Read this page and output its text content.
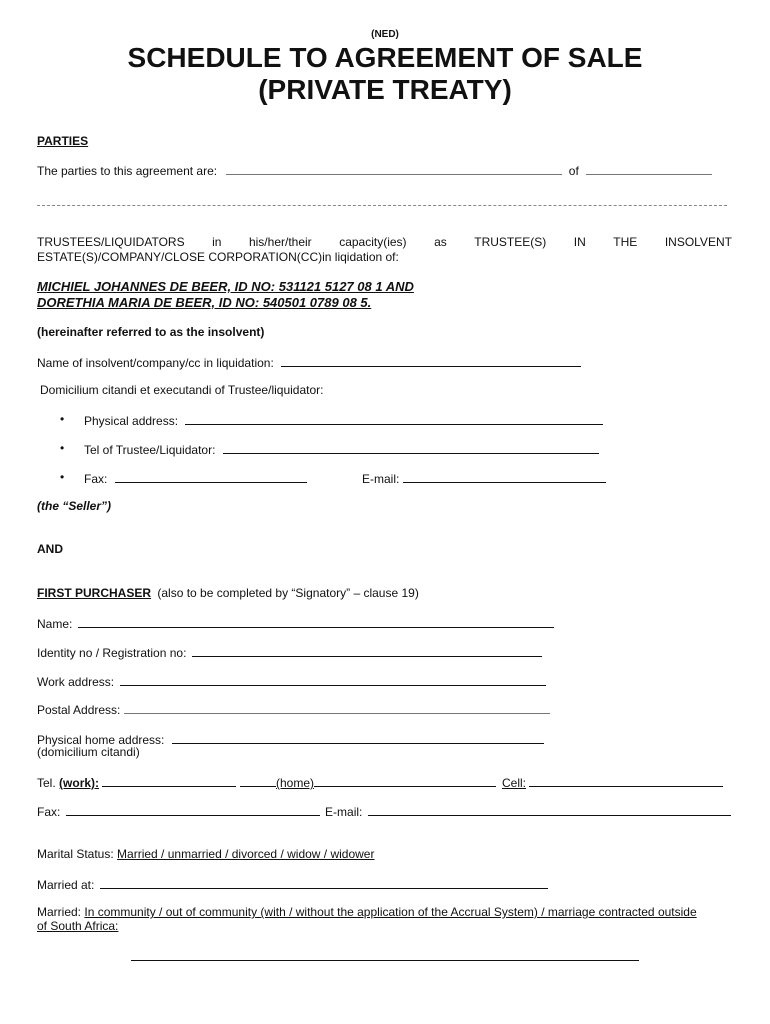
(NED)
SCHEDULE TO AGREEMENT OF SALE
(PRIVATE TREATY)
PARTIES
The parties to this agreement are:	of
TRUSTEES/LIQUIDATORS in his/her/their capacity(ies) as TRUSTEE(S) IN THE INSOLVENT
ESTATE(S)/COMPANY/CLOSE CORPORATION(CC)in liqidation of:
MICHIEL JOHANNES DE BEER, ID NO: 531121 5127 08 1 AND
DORETHIA MARIA DE BEER, ID NO: 540501 0789 08 5.
(hereinafter referred to as the insolvent)
Name of insolvent/company/cc in liquidation:
Domicilium citandi et executandi of Trustee/liquidator:
• Physical address:
• Tel of Trustee/Liquidator:
• Fax:	E-mail:
(the “Seller”)
AND
FIRST PURCHASER (also to be completed by “Signatory” – clause 19)
Name:
Identity no / Registration no:
Work address:
Postal Address:
Physical home address:
(domicilium citandi)
Tel. (work):	(home)	Cell:
Fax:	E-mail:
Marital Status: Married / unmarried / divorced / widow / widower
Married at:
Married: In community / out of community (with / without the application of the Accrual System) / marriage contracted outside
of South Africa:
